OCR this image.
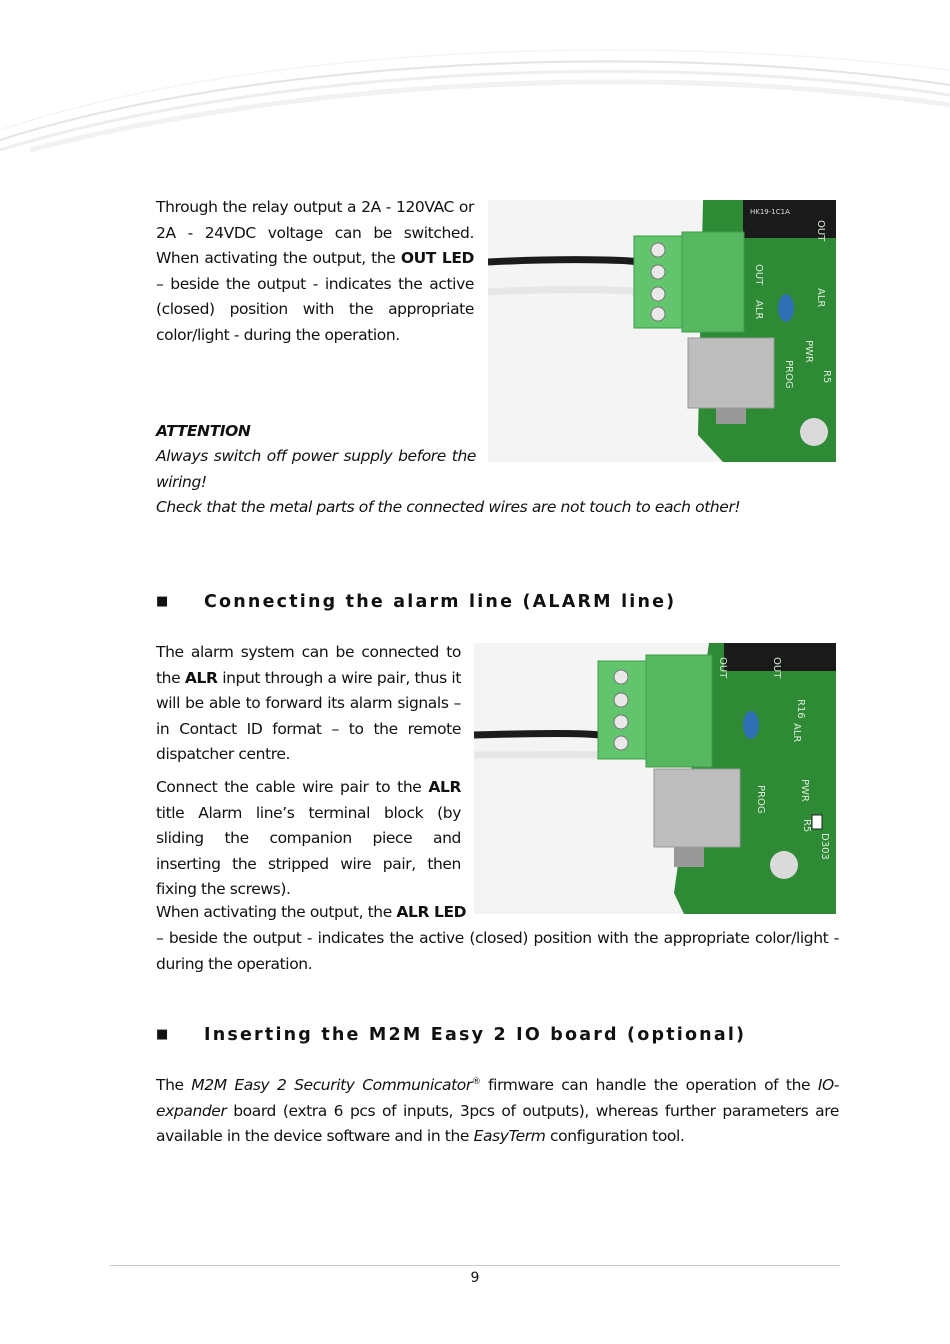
Through the relay output a 2A - 120VAC or 2A - 24VDC voltage can be switched. When activating the output, the OUT LED – beside the output - indicates the active (closed) position with the appropriate color/light - during the operation.
ATTENTION
Always switch off power supply before the wiring!
Check that the metal parts of the connected wires are not touch to each other!
HK19-1C1A
OUT
ALR
PWR
PROG
OUT
ALR
R5
■ Connecting the alarm line (ALARM line)
The alarm system can be connected to the ALR input through a wire pair, thus it will be able to forward its alarm signals – in Contact ID format – to the remote dispatcher centre.
Connect the cable wire pair to the ALR title Alarm line’s terminal block (by sliding the companion piece and inserting the stripped wire pair, then fixing the screws).
When activating the output, the ALR LED
– beside the output - indicates the active (closed) position with the appropriate color/light - during the operation.
OUT
ALR
PWR
PROG
R16
R5
OUT
D303
■ Inserting the M2M Easy 2 IO board (optional)
The M2M Easy 2 Security Communicator® firmware can handle the operation of the IO-expander board (extra 6 pcs of inputs, 3pcs of outputs), whereas further parameters are available in the device software and in the EasyTerm configuration tool.
9
